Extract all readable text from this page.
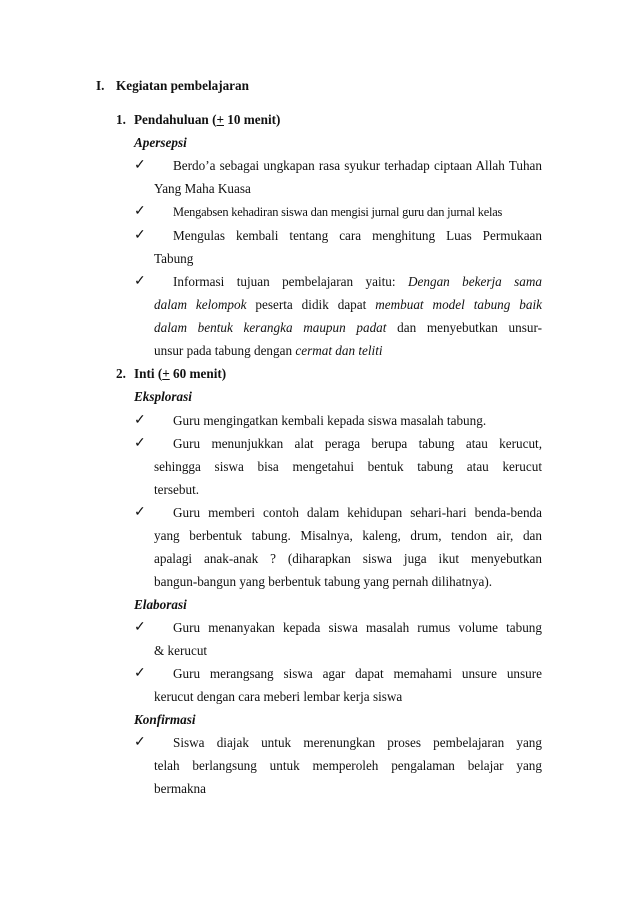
I. Kegiatan pembelajaran
1. Pendahuluan (+ 10 menit)
Apersepsi
✓ Berdo’a sebagai ungkapan rasa syukur terhadap ciptaan Allah Tuhan
Yang Maha Kuasa
✓ Mengabsen kehadiran siswa dan mengisi jurnal guru dan jurnal kelas
✓ Mengulas kembali tentang cara menghitung Luas Permukaan
Tabung
✓ Informasi tujuan pembelajaran yaitu: Dengan bekerja sama
dalam kelompok peserta didik dapat membuat model tabung baik
dalam bentuk kerangka maupun padat dan menyebutkan unsur-
unsur pada tabung dengan cermat dan teliti
2. Inti (+ 60 menit)
Eksplorasi
✓ Guru mengingatkan kembali kepada siswa masalah tabung.
✓ Guru menunjukkan alat peraga berupa tabung atau kerucut,
sehingga siswa bisa mengetahui bentuk tabung atau kerucut
tersebut.
✓ Guru memberi contoh dalam kehidupan sehari-hari benda-benda
yang berbentuk tabung. Misalnya, kaleng, drum, tendon air, dan
apalagi anak-anak ? (diharapkan siswa juga ikut menyebutkan
bangun-bangun yang berbentuk tabung yang pernah dilihatnya).
Elaborasi
✓ Guru menanyakan kepada siswa masalah rumus volume tabung
& kerucut
✓ Guru merangsang siswa agar dapat memahami unsure unsure
kerucut dengan cara meberi lembar kerja siswa
Konfirmasi
✓ Siswa diajak untuk merenungkan proses pembelajaran yang
telah berlangsung untuk memperoleh pengalaman belajar yang
bermakna
